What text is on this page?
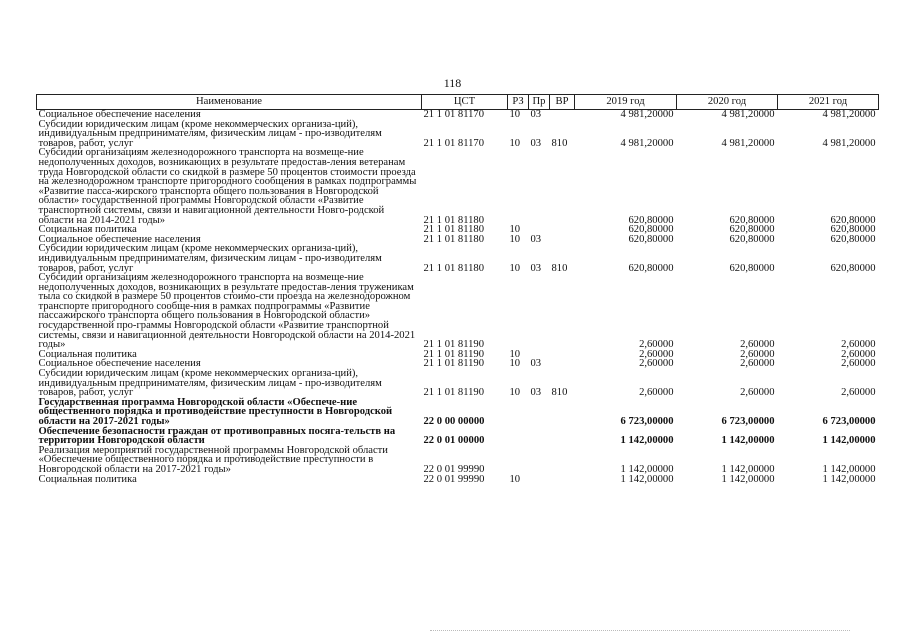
118
Наименование	ЦСТ	РЗ	Пр	ВР	2019 год	2020 год	2021 год
Социальное обеспечение населения	21 1 01 81170	10	03		4 981,20000	4 981,20000	4 981,20000
Субсидии юридическим лицам (кроме некоммерческих организа-ций), индивидуальным предпринимателям, физическим лицам - про-изводителям товаров, работ, услуг	21 1 01 81170	10	03	810	4 981,20000	4 981,20000	4 981,20000
Субсидии организациям железнодорожного транспорта на возмеще-ние недополученных доходов, возникающих в результате предостав-ления ветеранам труда Новгородской области со скидкой в размере 50 процентов стоимости проезда на железнодорожном транспорте пригородного сообщения в рамках подпрограммы «Развитие пасса-жирского транспорта общего пользования в Новгородской области» государственной программы Новгородской области «Развитие транспортной системы, связи и навигационной деятельности Новго-родской области на 2014-2021 годы»	21 1 01 81180				620,80000	620,80000	620,80000
Социальная политика	21 1 01 81180	10			620,80000	620,80000	620,80000
Социальное обеспечение населения	21 1 01 81180	10	03		620,80000	620,80000	620,80000
Субсидии юридическим лицам (кроме некоммерческих организа-ций), индивидуальным предпринимателям, физическим лицам - про-изводителям товаров, работ, услуг	21 1 01 81180	10	03	810	620,80000	620,80000	620,80000
Субсидии организациям железнодорожного транспорта на возмеще-ние недополученных доходов, возникающих в результате предостав-ления труженикам тыла со скидкой в размере 50 процентов стоимо-сти проезда на железнодорожном транспорте пригородного сообще-ния в рамках подпрограммы «Развитие пассажирского транспорта общего пользования в Новгородской области» государственной про-граммы Новгородской области «Развитие транспортной системы, связи и навигационной деятельности Новгородской области на 2014-2021 годы»	21 1 01 81190				2,60000	2,60000	2,60000
Социальная политика	21 1 01 81190	10			2,60000	2,60000	2,60000
Социальное обеспечение населения	21 1 01 81190	10	03		2,60000	2,60000	2,60000
Субсидии юридическим лицам (кроме некоммерческих организа-ций), индивидуальным предпринимателям, физическим лицам - про-изводителям товаров, работ, услуг	21 1 01 81190	10	03	810	2,60000	2,60000	2,60000
Государственная программа Новгородской области «Обеспече-ние общественного порядка и противодействие преступности в Новгородской области на 2017-2021 годы»	22 0 00 00000				6 723,00000	6 723,00000	6 723,00000
Обеспечение безопасности граждан от противоправных посяга-тельств на территории Новгородской области	22 0 01 00000				1 142,00000	1 142,00000	1 142,00000
Реализация мероприятий государственной программы Новгородской области «Обеспечение общественного порядка и противодействие преступности в Новгородской области на 2017-2021 годы»	22 0 01 99990				1 142,00000	1 142,00000	1 142,00000
Социальная политика	22 0 01 99990	10			1 142,00000	1 142,00000	1 142,00000
